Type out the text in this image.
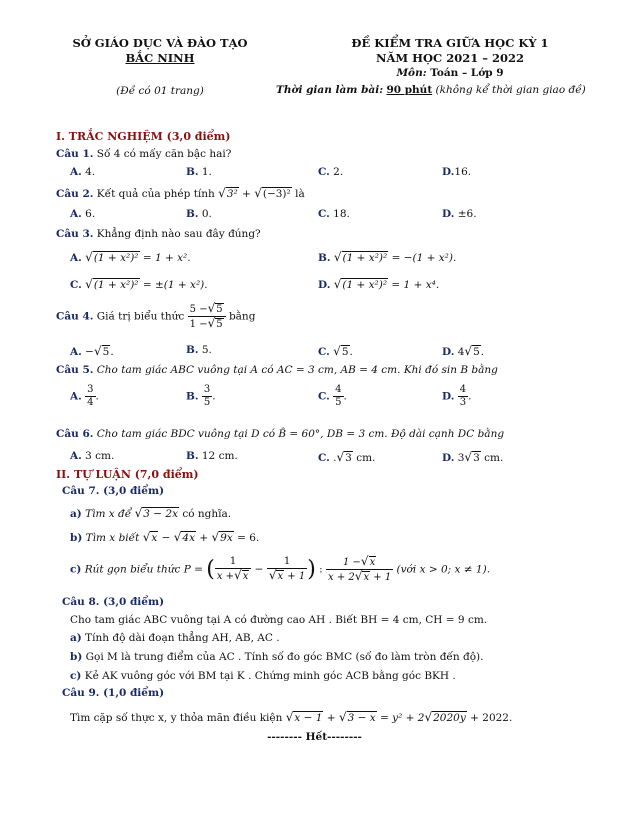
SỞ GIÁO DỤC VÀ ĐÀO TẠO
BẮC NINH
(Đề có 01 trang)
ĐỀ KIỂM TRA GIỮA HỌC KỲ 1
NĂM HỌC 2021 – 2022
Môn: Toán – Lớp 9
Thời gian làm bài: 90 phút (không kể thời gian giao đề)
I. TRẮC NGHIỆM (3,0 điểm)
Câu 1. Số 4 có mấy căn bậc hai?
A. 4.	B. 1.	C. 2.	D.16.
Câu 2. Kết quả của phép tính √3² + √(−3)² là
A. 6.	B. 0.	C. 18.	D. ±6.
Câu 3. Khẳng định nào sau đây đúng?
A. √(1 + x²)² = 1 + x².	B. √(1 + x²)² = −(1 + x²).
C. √(1 + x²)² = ±(1 + x²).	D. √(1 + x²)² = 1 + x⁴.
Câu 4. Giá trị biểu thức $\frac{5 -√5}{1 -√5}$ bằng
A. −√5.	B. 5.	C. √5.	D. 4√5.
Câu 5. Cho tam giác ABC vuông tại A có AC = 3 cm, AB = 4 cm. Khi đó sin B bằng
A. $\frac{3}{4}$ .	B. $\frac{3}{5}$ .	C. $\frac{4}{5}$ .	D. $\frac{4}{3}$ .
Câu 6. Cho tam giác BDC vuông tại D có B̂ = 60°, DB = 3 cm. Độ dài cạnh DC bằng
A. 3 cm.	B. 12 cm.	C. .√3 cm.	D. 3√3 cm.
II. TỰ LUẬN (7,0 điểm)
Câu 7. (3,0 điểm)
a) Tìm x để √3 − 2x có nghĩa.
b) Tìm x biết √x − √4x + √9x = 6.
c) Rút gọn biểu thức P = ( $\frac{1}{x +√x} - \frac{1}{√x + 1}$ ) : $\frac{1 -√x}{x + 2√x + 1}$ (với x > 0; x ≠ 1).
Câu 8. (3,0 điểm)
Cho tam giác ABC vuông tại A có đường cao AH . Biết BH = 4 cm, CH = 9 cm.
a) Tính độ dài đoạn thẳng AH, AB, AC .
b) Gọi M là trung điểm của AC . Tính số đo góc BMC (số đo làm tròn đến độ).
c) Kẻ AK vuông góc với BM tại K . Chứng minh góc ACB bằng góc BKH .
Câu 9. (1,0 điểm)
Tìm cặp số thực x, y thỏa mãn điều kiện √x − 1 + √3 − x = y² + 2√2020y + 2022.
-------- Hết--------
